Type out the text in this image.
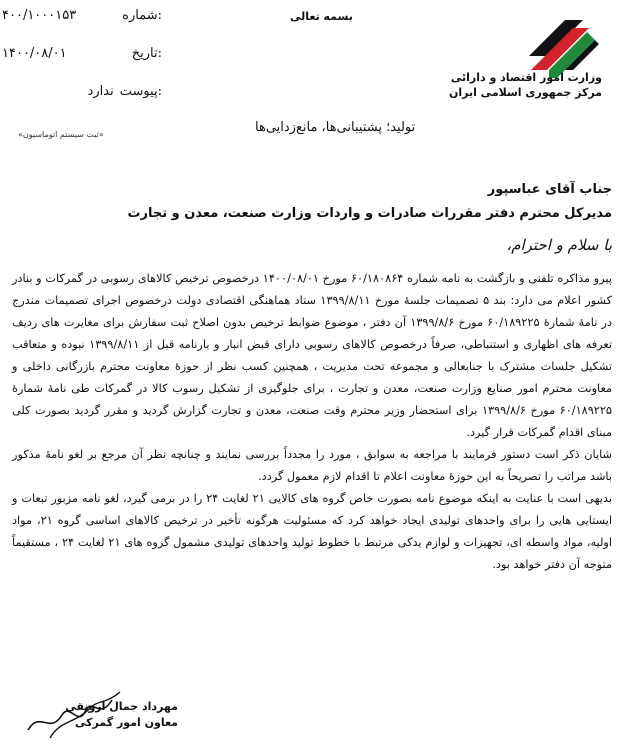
وزارت امور اقتصاد و دارائی
مرکز جمهوری اسلامی ایران
بسمه تعالی
۴۰۰/۱۰۰۰۱۵۳	شماره:
۱۴۰۰/۰۸/۰۱	تاریخ:
ندارد پیوست:
«ثبت سیستم اتوماسیون»	تولید؛ پشتیبانی‌ها، مانع‌زدایی‌ها
جناب آقای عباسپور
مدیرکل محترم دفتر مقررات صادرات و واردات وزارت صنعت، معدن و تجارت
با سلام و احترام،

پیرو مذاکره تلفنی و بازگشت به نامه شماره ۶۰/۱۸۰۸۶۴ مورخ ۱۴۰۰/۰۸/۰۱ درخصوص ترخیص کالاهای رسوبی در گمرکات و بنادر کشور اعلام می دارد: بند ۵ تصمیمات جلسهٔ مورخ ۱۳۹۹/۸/۱۱ ستاد هماهنگی اقتصادی دولت درخصوص اجرای تصمیمات مندرج در نامهٔ شمارهٔ ۶۰/۱۸۹۲۲۵ مورخ ۱۳۹۹/۸/۶ آن دفتر ، موضوع ضوابط ترخیص بدون اصلاح ثبت سفارش برای مغایرت های ردیف تعرفه های اظهاری و استنباطی، صرفاً درخصوص کالاهای رسوبی دارای قبض انبار و بارنامه قبل از ۱۳۹۹/۸/۱۱ نبوده و متعاقب تشکیل جلسات مشترک با جنابعالی و مجموعه تحت مدیریت ، همچنین کسب نظر از حوزهٔ معاونت محترم بازرگانی داخلی و معاونت محترم امور صنایع وزارت صنعت، معدن و تجارت ، برای جلوگیری از تشکیل رسوب کالا در گمرکات طی نامهٔ شمارهٔ ۶۰/۱۸۹۲۲۵ مورخ ۱۳۹۹/۸/۶ برای استحضار وزیر محترم وقت صنعت، معدن و تجارت گزارش گردید و مقرر گردید بصورت کلی مبنای اقدام گمرکات قرار گیرد.

شایان ذکر است دستور فرمایند با مراجعه به سوابق ، مورد را مجدداً بررسی نمایند و چنانچه نظر آن مرجع بر لغو نامهٔ مذکور باشد مراتب را تصریحاً به این حوزهٔ معاونت اعلام تا اقدام لازم معمول گردد.

بدیهی است با عنایت به اینکه موضوع نامه بصورت خاص گروه های کالایی ۲۱ لغایت ۲۴ را در برمی گیرد، لغو نامه مزبور تبعات و ایستایی هایی را برای واحدهای تولیدی ایجاد خواهد کرد که مسئولیت هرگونه تأخیر در ترخیص کالاهای اساسی گروه ۲۱، مواد اولیه، مواد واسطه ای، تجهیزات و لوازم یدکی مرتبط با خطوط تولید واحدهای تولیدی مشمول گروه های ۲۱ لغایت ۲۴ ، مستقیماً متوجه آن دفتر خواهد بود.

مهرداد جمال ارونقی
معاون امور گمرکی
